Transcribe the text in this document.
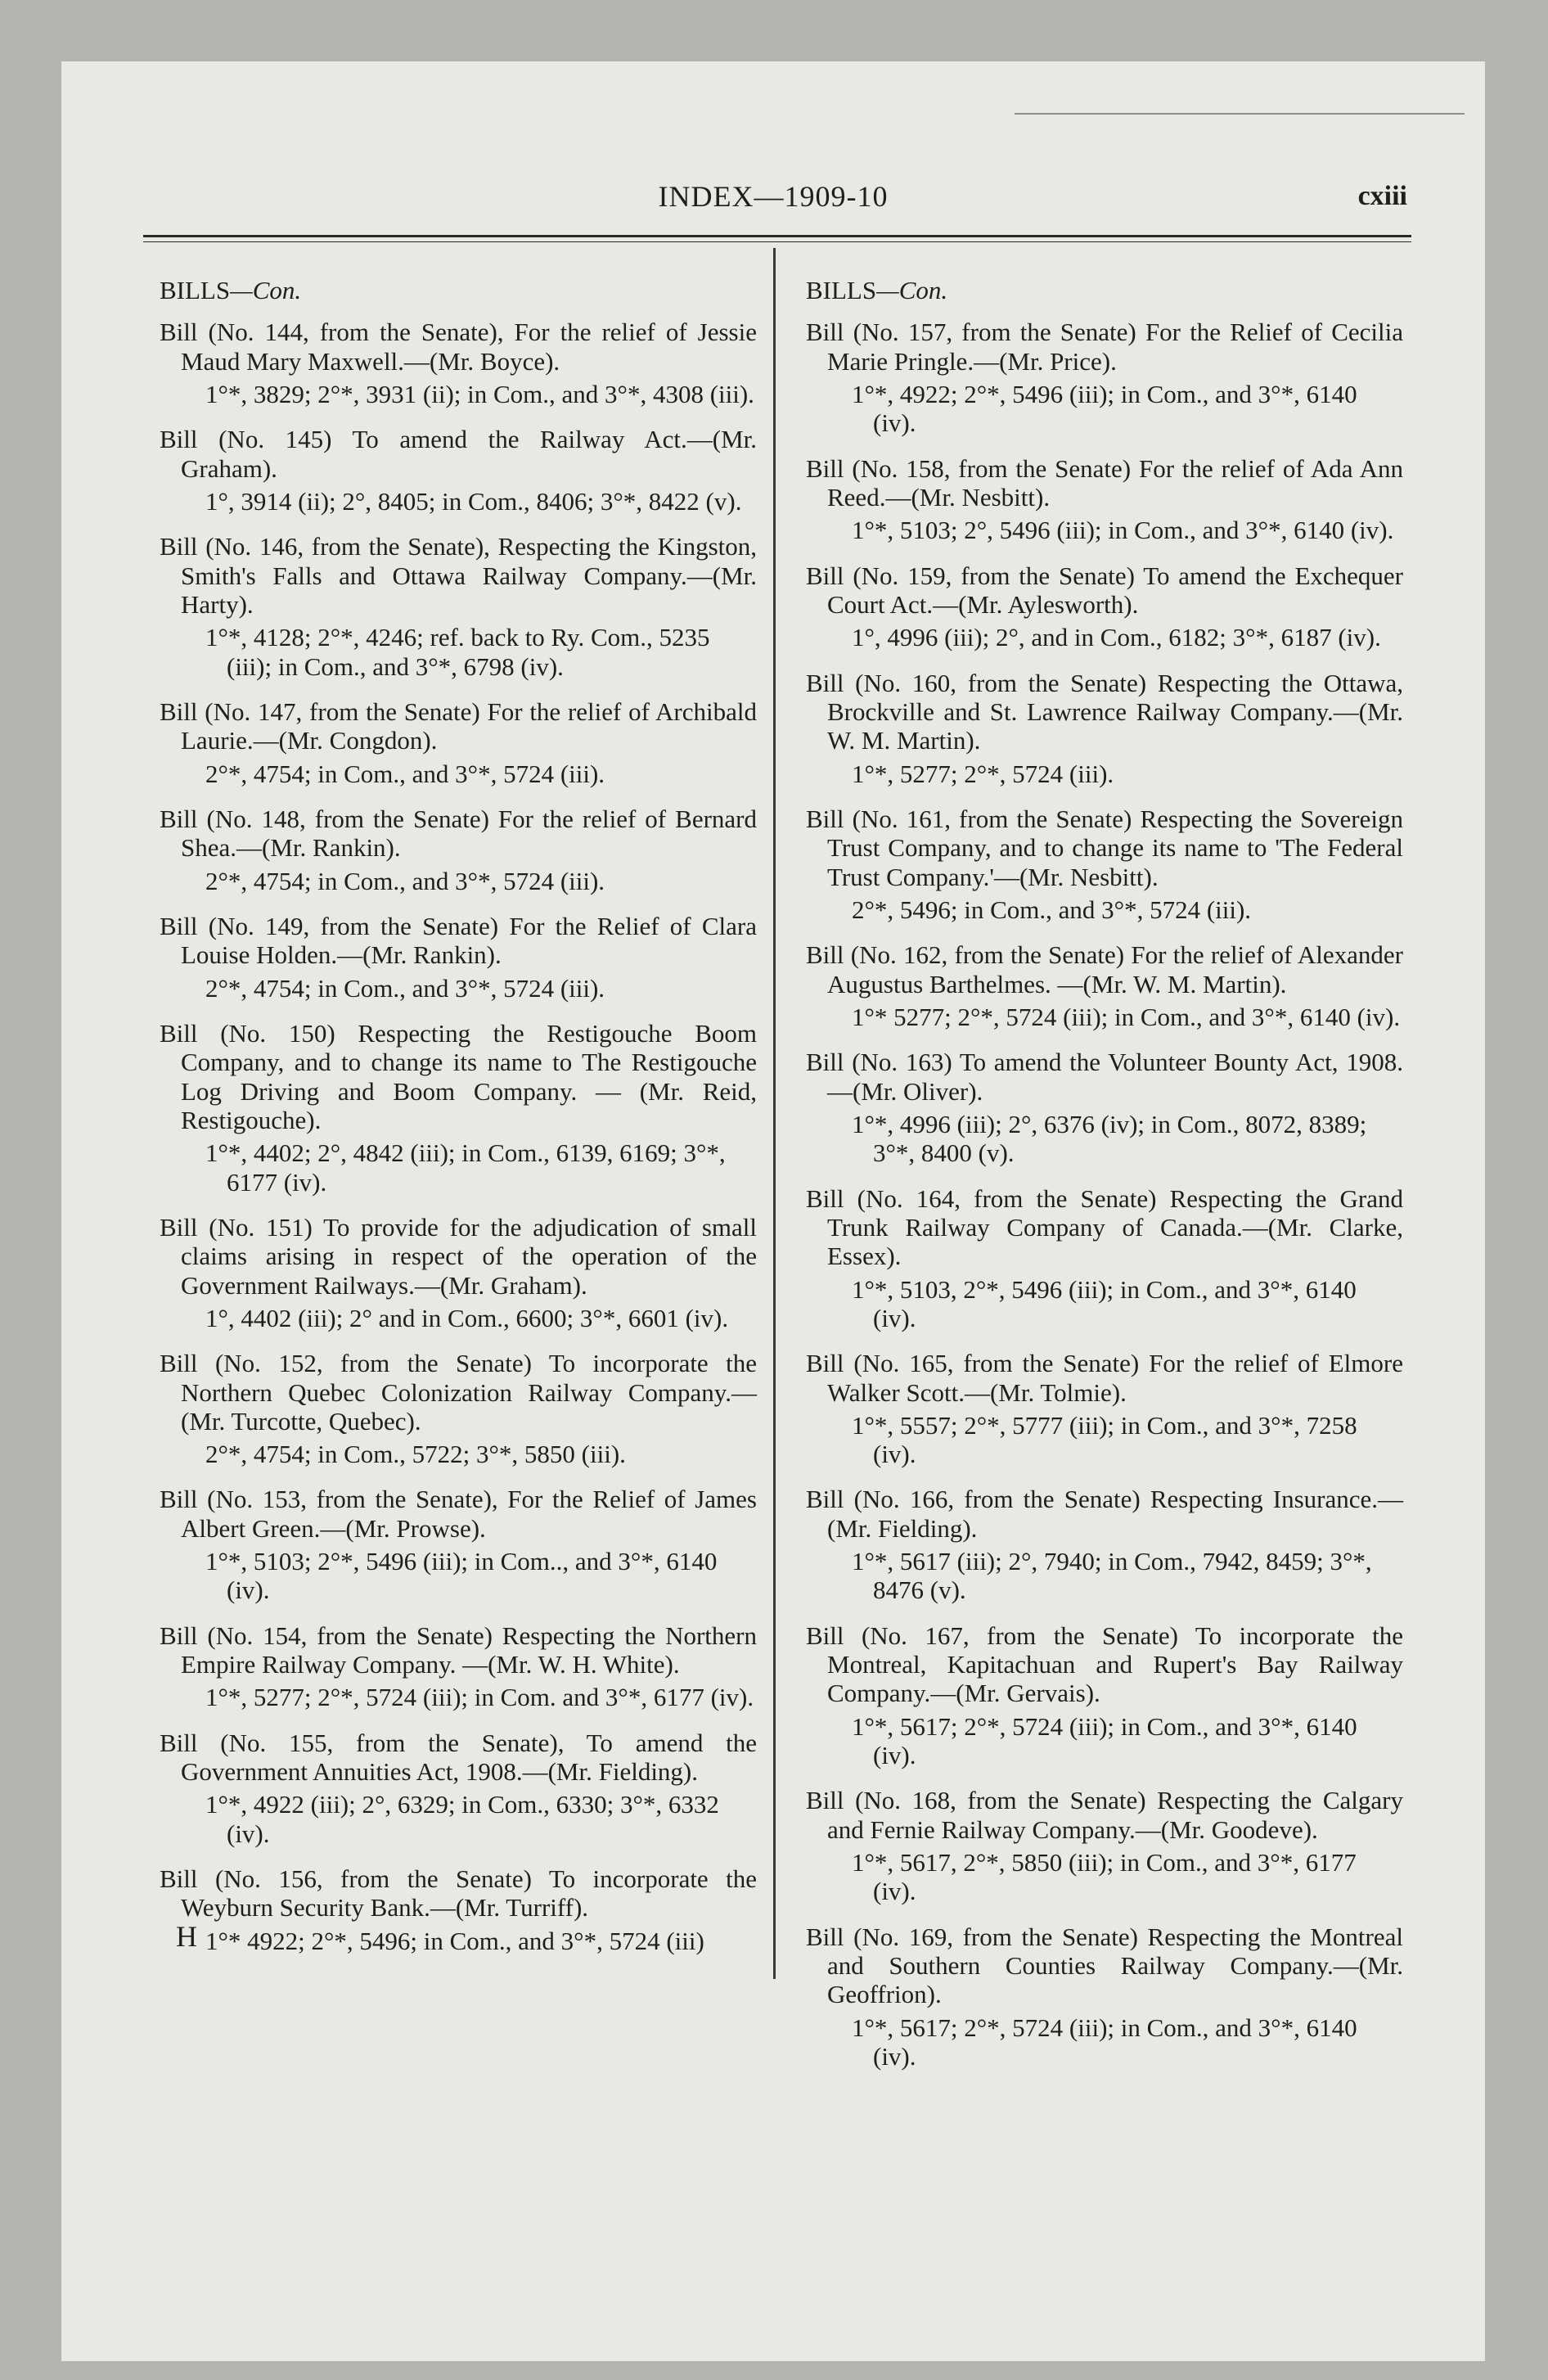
INDEX—1909-10	cxiii

BILLS—Con.

Bill (No. 144, from the Senate), For the relief of Jessie Maud Mary Maxwell.—(Mr. Boyce).

1°*, 3829; 2°*, 3931 (ii); in Com., and 3°*, 4308 (iii).

Bill (No. 145) To amend the Railway Act.—(Mr. Graham).

1°, 3914 (ii); 2°, 8405; in Com., 8406; 3°*, 8422 (v).

Bill (No. 146, from the Senate), Respecting the Kingston, Smith's Falls and Ottawa Railway Company.—(Mr. Harty).

1°*, 4128; 2°*, 4246; ref. back to Ry. Com., 5235 (iii); in Com., and 3°*, 6798 (iv).

Bill (No. 147, from the Senate) For the relief of Archibald Laurie.—(Mr. Congdon).

2°*, 4754; in Com., and 3°*, 5724 (iii).

Bill (No. 148, from the Senate) For the relief of Bernard Shea.—(Mr. Rankin).

2°*, 4754; in Com., and 3°*, 5724 (iii).

Bill (No. 149, from the Senate) For the Relief of Clara Louise Holden.—(Mr. Rankin).

2°*, 4754; in Com., and 3°*, 5724 (iii).

Bill (No. 150) Respecting the Restigouche Boom Company, and to change its name to The Restigouche Log Driving and Boom Company. — (Mr. Reid, Restigouche).

1°*, 4402; 2°, 4842 (iii); in Com., 6139, 6169; 3°*, 6177 (iv).

Bill (No. 151) To provide for the adjudication of small claims arising in respect of the operation of the Government Railways.—(Mr. Graham).

1°, 4402 (iii); 2° and in Com., 6600; 3°*, 6601 (iv).

Bill (No. 152, from the Senate) To incorporate the Northern Quebec Colonization Railway Company.—(Mr. Turcotte, Quebec).

2°*, 4754; in Com., 5722; 3°*, 5850 (iii).

Bill (No. 153, from the Senate), For the Relief of James Albert Green.—(Mr. Prowse).

1°*, 5103; 2°*, 5496 (iii); in Com.., and 3°*, 6140 (iv).

Bill (No. 154, from the Senate) Respecting the Northern Empire Railway Company. —(Mr. W. H. White).

1°*, 5277; 2°*, 5724 (iii); in Com. and 3°*, 6177 (iv).

Bill (No. 155, from the Senate), To amend the Government Annuities Act, 1908.—(Mr. Fielding).

1°*, 4922 (iii); 2°, 6329; in Com., 6330; 3°*, 6332 (iv).

Bill (No. 156, from the Senate) To incorporate the Weyburn Security Bank.—(Mr. Turriff).

1°* 4922; 2°*, 5496; in Com., and 3°*, 5724 (iii)

BILLS—Con.

Bill (No. 157, from the Senate) For the Relief of Cecilia Marie Pringle.—(Mr. Price).

1°*, 4922; 2°*, 5496 (iii); in Com., and 3°*, 6140 (iv).

Bill (No. 158, from the Senate) For the relief of Ada Ann Reed.—(Mr. Nesbitt).

1°*, 5103; 2°, 5496 (iii); in Com., and 3°*, 6140 (iv).

Bill (No. 159, from the Senate) To amend the Exchequer Court Act.—(Mr. Aylesworth).

1°, 4996 (iii); 2°, and in Com., 6182; 3°*, 6187 (iv).

Bill (No. 160, from the Senate) Respecting the Ottawa, Brockville and St. Lawrence Railway Company.—(Mr. W. M. Martin).

1°*, 5277; 2°*, 5724 (iii).

Bill (No. 161, from the Senate) Respecting the Sovereign Trust Company, and to change its name to 'The Federal Trust Company.'—(Mr. Nesbitt).

2°*, 5496; in Com., and 3°*, 5724 (iii).

Bill (No. 162, from the Senate) For the relief of Alexander Augustus Barthelmes. —(Mr. W. M. Martin).

1°* 5277; 2°*, 5724 (iii); in Com., and 3°*, 6140 (iv).

Bill (No. 163) To amend the Volunteer Bounty Act, 1908.—(Mr. Oliver).

1°*, 4996 (iii); 2°, 6376 (iv); in Com., 8072, 8389; 3°*, 8400 (v).

Bill (No. 164, from the Senate) Respecting the Grand Trunk Railway Company of Canada.—(Mr. Clarke, Essex).

1°*, 5103, 2°*, 5496 (iii); in Com., and 3°*, 6140 (iv).

Bill (No. 165, from the Senate) For the relief of Elmore Walker Scott.—(Mr. Tolmie).

1°*, 5557; 2°*, 5777 (iii); in Com., and 3°*, 7258 (iv).

Bill (No. 166, from the Senate) Respecting Insurance.—(Mr. Fielding).

1°*, 5617 (iii); 2°, 7940; in Com., 7942, 8459; 3°*, 8476 (v).

Bill (No. 167, from the Senate) To incorporate the Montreal, Kapitachuan and Rupert's Bay Railway Company.—(Mr. Gervais).

1°*, 5617; 2°*, 5724 (iii); in Com., and 3°*, 6140 (iv).

Bill (No. 168, from the Senate) Respecting the Calgary and Fernie Railway Company.—(Mr. Goodeve).

1°*, 5617, 2°*, 5850 (iii); in Com., and 3°*, 6177 (iv).

Bill (No. 169, from the Senate) Respecting the Montreal and Southern Counties Railway Company.—(Mr. Geoffrion).

1°*, 5617; 2°*, 5724 (iii); in Com., and 3°*, 6140 (iv).

H
